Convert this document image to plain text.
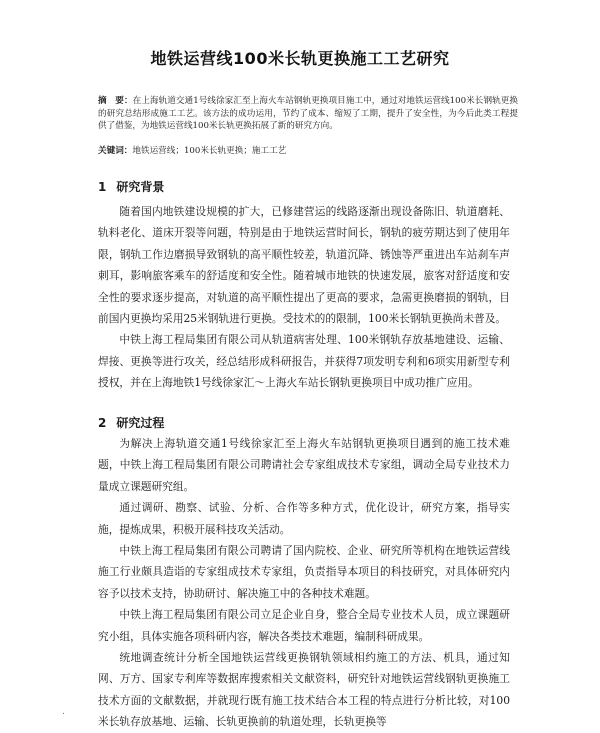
地铁运营线100米长轨更换施工工艺研究
摘　要：在上海轨道交通1号线徐家汇至上海火车站钢轨更换项目施工中，通过对地铁运营线100米长钢轨更换的研究总结形成施工工艺。该方法的成功运用，节约了成本、缩短了工期，提升了安全性，为今后此类工程提供了借鉴，为地铁运营线100米长轨更换拓展了新的研究方向。
关键词：地铁运营线；100米长轨更换；施工工艺
1 研究背景

随着国内地铁建设规模的扩大，已修建营运的线路逐渐出现设备陈旧、轨道磨耗、轨料老化、道床开裂等问题，特别是由于地铁运营时间长，钢轨的疲劳期达到了使用年限，钢轨工作边磨损导致钢轨的高平顺性较差，轨道沉降、锈蚀等严重进出车站刹车声刺耳，影响旅客乘车的舒适度和安全性。随着城市地铁的快速发展，旅客对舒适度和安全性的要求逐步提高，对轨道的高平顺性提出了更高的要求，急需更换磨损的钢轨，目前国内更换均采用25米钢轨进行更换。受技术的的限制，100米长钢轨更换尚未普及。

中铁上海工程局集团有限公司从轨道病害处理、100米钢轨存放基地建设、运输、焊接、更换等进行攻关，经总结形成科研报告，并获得7项发明专利和6项实用新型专利授权，并在上海地铁1号线徐家汇～上海火车站长钢轨更换项目中成功推广应用。

2 研究过程

为解决上海轨道交通1号线徐家汇至上海火车站钢轨更换项目遇到的施工技术难题，中铁上海工程局集团有限公司聘请社会专家组成技术专家组，调动全局专业技术力量成立课题研究组。

通过调研、勘察、试验、分析、合作等多种方式，优化设计，研究方案，指导实施，提炼成果，积极开展科技攻关活动。

中铁上海工程局集团有限公司聘请了国内院校、企业、研究所等机构在地铁运营线施工行业颇具造诣的专家组成技术专家组，负责指导本项目的科技研究，对具体研究内容予以技术支持，协助研讨、解决施工中的各种技术难题。

中铁上海工程局集团有限公司立足企业自身，整合全局专业技术人员，成立课题研究小组，具体实施各项科研内容，解决各类技术难题，编制科研成果。

统地调查统计分析全国地铁运营线更换钢轨领域相约施工的方法、机具，通过知网、万方、国家专利库等数据库搜索相关文献资料，研究针对地铁运营线钢轨更换施工技术方面的文献数据，并就现行既有施工技术结合本工程的特点进行分析比较，对100米长轨存放基地、运输、长轨更换前的轨道处理，长轨更换等

.
